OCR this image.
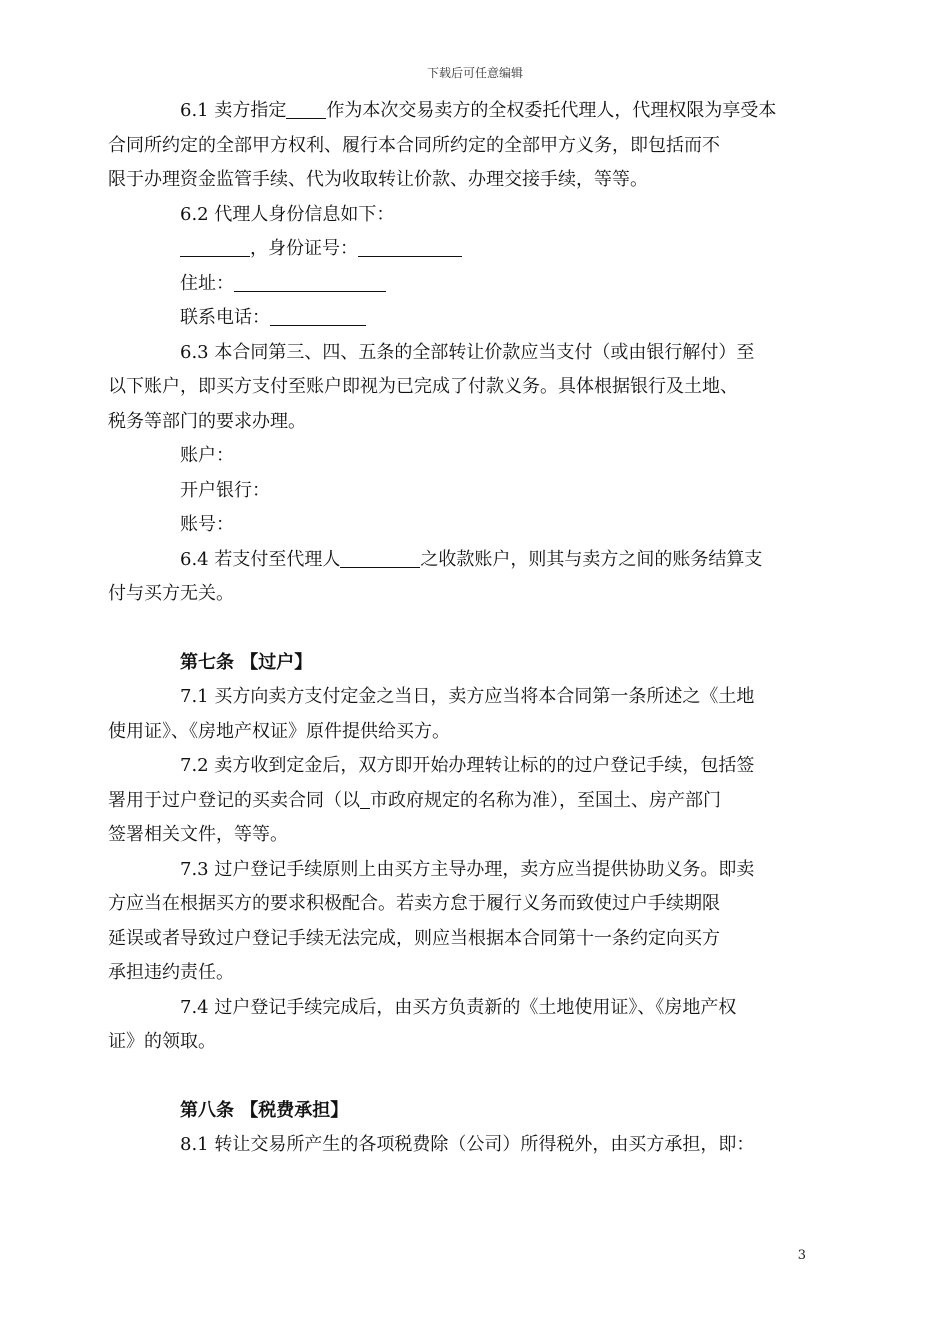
下载后可任意编辑
6.1 卖方指定 作为本次交易卖方的全权委托代理人，代理权限为享受本
合同所约定的全部甲方权利、履行本合同所约定的全部甲方义务，即包括而不
限于办理资金监管手续、代为收取转让价款、办理交接手续，等等。
6.2 代理人身份信息如下：
，身份证号：
住址：
联系电话：
6.3 本合同第三、四、五条的全部转让价款应当支付（或由银行解付）至
以下账户，即买方支付至账户即视为已完成了付款义务。具体根据银行及土地、
税务等部门的要求办理。
账户：
开户银行：
账号：
6.4 若支付至代理人	之收款账户，则其与卖方之间的账务结算支
付与买方无关。
第七条 【过户】
7.1 买方向卖方支付定金之当日，卖方应当将本合同第一条所述之《土地
使用证》、《房地产权证》原件提供给买方。
7.2 卖方收到定金后，双方即开始办理转让标的的过户登记手续，包括签
署用于过户登记的买卖合同（以 市政府规定的名称为准），至国土、房产部门
签署相关文件，等等。
7.3 过户登记手续原则上由买方主导办理，卖方应当提供协助义务。即卖
方应当在根据买方的要求积极配合。若卖方怠于履行义务而致使过户手续期限
延误或者导致过户登记手续无法完成，则应当根据本合同第十一条约定向买方
承担违约责任。
7.4 过户登记手续完成后，由买方负责新的《土地使用证》、《房地产权
证》的领取。
第八条 【税费承担】
8.1 转让交易所产生的各项税费除（公司）所得税外，由买方承担，即：
3
